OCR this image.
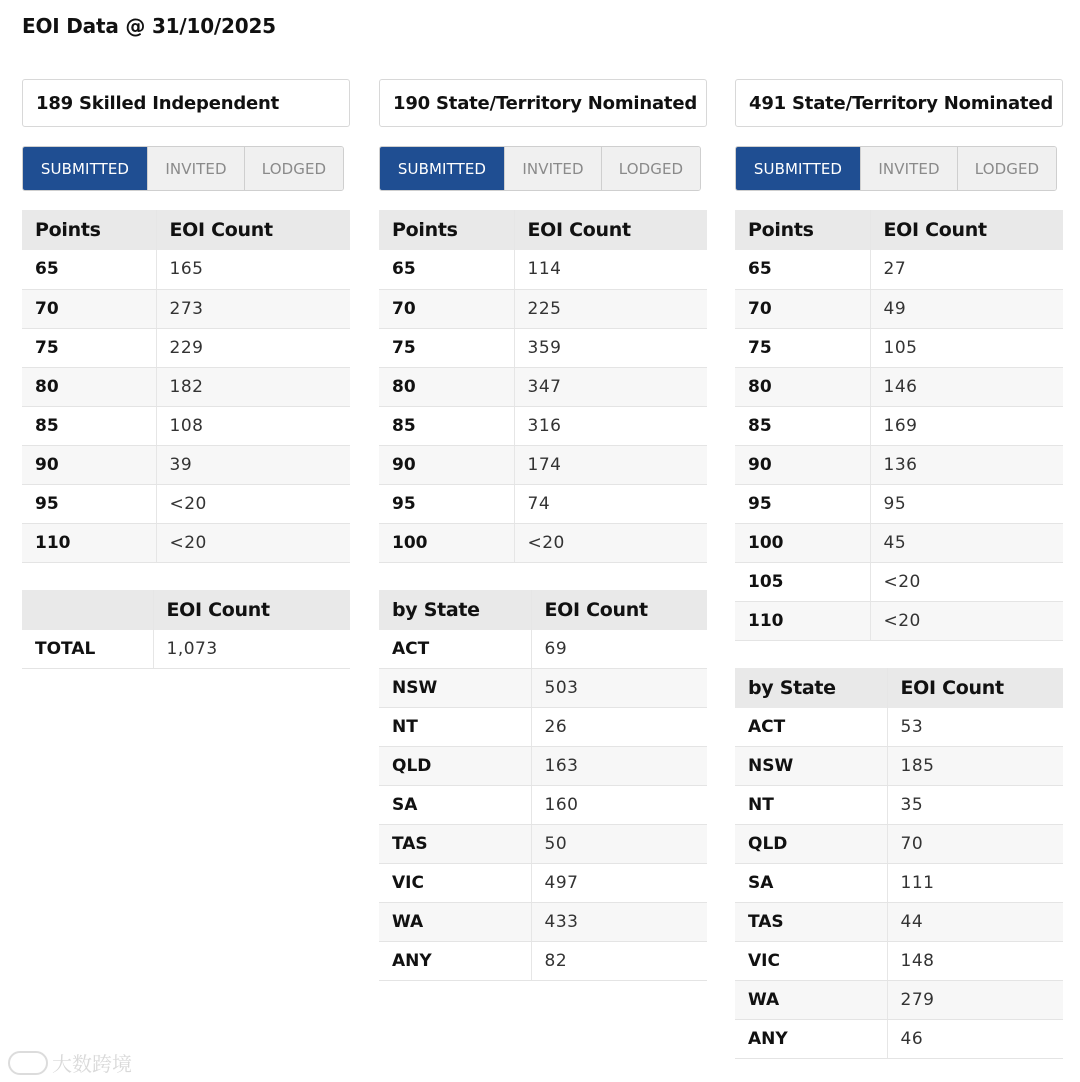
EOI Data @ 31/10/2025
189 Skilled Independent
SUBMITTED	INVITED	LODGED
Points	EOI Count
65	165
70	273
75	229
80	182
85	108
90	39
95	<20
110	<20
	EOI Count
TOTAL	1,073
190 State/Territory Nominated
SUBMITTED	INVITED	LODGED
Points	EOI Count
65	114
70	225
75	359
80	347
85	316
90	174
95	74
100	<20
by State	EOI Count
ACT	69
NSW	503
NT	26
QLD	163
SA	160
TAS	50
VIC	497
WA	433
ANY	82
491 State/Territory Nominated
SUBMITTED	INVITED	LODGED
Points	EOI Count
65	27
70	49
75	105
80	146
85	169
90	136
95	95
100	45
105	<20
110	<20
by State	EOI Count
ACT	53
NSW	185
NT	35
QLD	70
SA	111
TAS	44
VIC	148
WA	279
ANY	46
大数跨境
